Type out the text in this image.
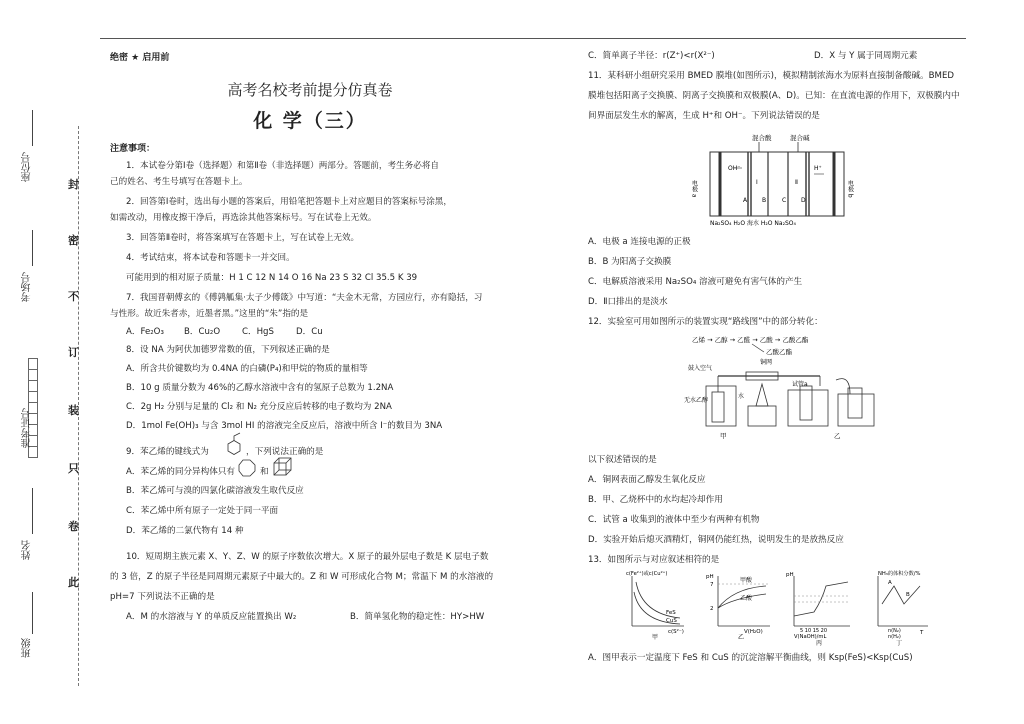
封
密
不
订
装
只
卷
此
座位号
考场号
准考证号
姓名
班级

绝密 ★ 启用前

高考名校考前提分仿真卷

化 学（三）

注意事项：

1．本试卷分第Ⅰ卷（选择题）和第Ⅱ卷（非选择题）两部分。答题前，考生务必将自

己的姓名、考生号填写在答题卡上。

2．回答第Ⅰ卷时，选出每小题的答案后，用铅笔把答题卡上对应题目的答案标号涂黑，

如需改动，用橡皮擦干净后，再选涂其他答案标号。写在试卷上无效。

3．回答第Ⅱ卷时，将答案填写在答题卡上，写在试卷上无效。

4．考试结束，将本试卷和答题卡一并交回。

可能用到的相对原子质量：H 1 C 12 N 14 O 16 Na 23 S 32 Cl 35.5 K 39

7．我国晋朝傅玄的《傅鹑觚集·太子少傅箴》中写道：“夫金木无常，方园应行，亦有隐括，习

与性形。故近朱者赤，近墨者黑。”这里的“朱”指的是

A．Fe₂O₃ B．Cu₂O	C．HgS	D．Cu

8．设 NA 为阿伏加德罗常数的值，下列叙述正确的是

A．所含共价键数均为 0.4NA 的白磷(P₄)和甲烷的物质的量相等

B．10 g 质量分数为 46%的乙醇水溶液中含有的氢原子总数为 1.2NA

C．2g H₂ 分别与足量的 Cl₂ 和 N₂ 充分反应后转移的电子数均为 2NA

D．1mol Fe(OH)₃ 与含 3mol HI 的溶液完全反应后，溶液中所含 I⁻的数目为 3NA

9．苯乙烯的键线式为	，下列说法正确的是
A．苯乙烯的同分异构体只有	和

B．苯乙烯可与溴的四氯化碳溶液发生取代反应

C．苯乙烯中所有原子一定处于同一平面

D．苯乙烯的二氯代物有 14 种

10．短周期主族元素 X、Y、Z、W 的原子序数依次增大。X 原子的最外层电子数是 K 层电子数

的 3 倍，Z 的原子半径是同周期元素原子中最大的。Z 和 W 可形成化合物 M；常温下 M 的水溶液的

pH=7 下列说法不正确的是

A．M 的水溶液与 Y 的单质反应能置换出 W₂	B．简单氢化物的稳定性：HY>HW
C．简单离子半径：r(Z⁺)<r(X²⁻)	D．X 与 Y 属于同周期元素

11．某科研小组研究采用 BMED 膜堆(如图所示)，模拟精制浓海水为原料直接制备酸碱。BMED

膜堆包括阳离子交换膜、阴离子交换膜和双极膜(A、D)。已知：在直流电源的作用下，双极膜内中

间界面层发生水的解离，生成 H⁺和 OH⁻。下列说法错误的是

混合酸	混合碱
电极 a	电极 b
OH⁻	H⁺
A B	C D
Ⅰ	Ⅱ
Na₂SO₄ H₂O 海水 H₂O Na₂SO₄

A．电极 a 连接电源的正极

B．B 为阳离子交换膜

C．电解质溶液采用 Na₂SO₄ 溶液可避免有害气体的产生

D．Ⅱ口排出的是淡水

12．实验室可用如图所示的装置实现“路线图”中的部分转化：

乙烯 → 乙醇 → 乙醛 → 乙酸 → 乙酸乙酯
乙酸乙酯
鼓入空气
铜网
无水乙醇
水
试管a
甲	乙

以下叙述错误的是

A．铜网表面乙醇发生氧化反应

B．甲、乙烧杯中的水均起冷却作用

C．试管 a 收集到的液体中至少有两种有机物

D．实验开始后熄灭酒精灯，铜网仍能红热，说明发生的是放热反应

13．如图所示与对应叙述相符的是

c(Fe²⁺)或c(Cu²⁺)
FeS
CuS
c(S²⁻)
甲
pH
7
2
甲酸
乙酸
V(H₂O)
乙
pH
5 10 15 20
V(NaOH)/mL
丙
NH₃的体积分数/%
A
B
n(N₂)
n(H₂)
T
丁

A．图甲表示一定温度下 FeS 和 CuS 的沉淀溶解平衡曲线，则 Ksp(FeS)<Ksp(CuS)
